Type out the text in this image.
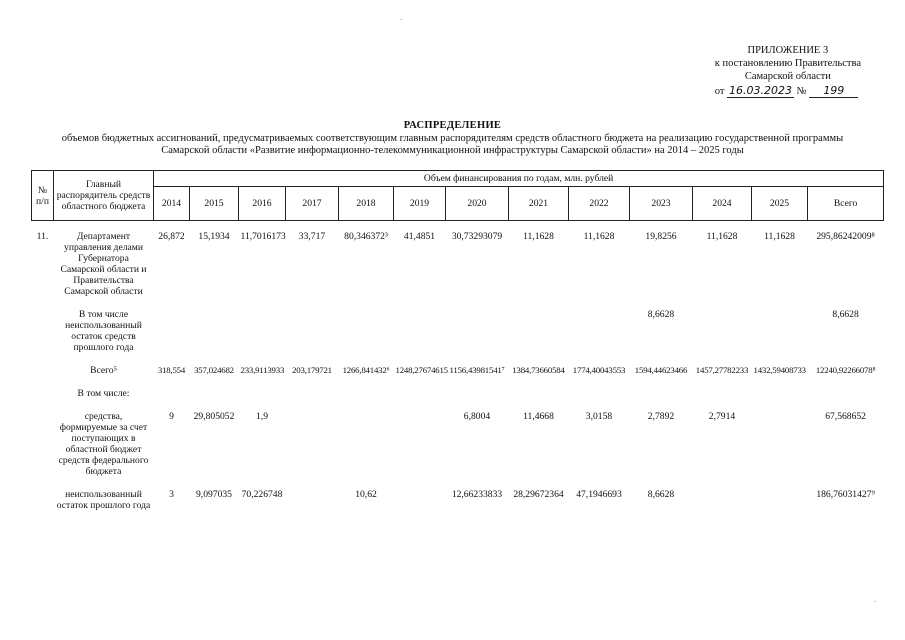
ПРИЛОЖЕНИЕ 3
к постановлению Правительства
Самарской области
от 16.03.2023 № 199
РАСПРЕДЕЛЕНИЕ
объемов бюджетных ассигнований, предусматриваемых соответствующим главным распорядителям средств областного бюджета на реализацию государственной программы
Самарской области «Развитие информационно-телекоммуникационной инфраструктуры Самарской области» на 2014 – 2025 годы
№ п/п	Главный распорядитель средств областного бюджета	Объем финансирования по годам, млн. рублей												
		2014	2015	2016	2017	2018	2019	2020	2021	2022	2023	2024	2025	Всего
11.	Департамент управления делами Губернатора Самарской области и Правительства Самарской области	26,872	15,1934	11,7016173	33,717	80,346372³	41,4851	30,73293079	11,1628	11,1628	19,8256	11,1628	11,1628	295,86242009⁸
	В том числе неиспользованный остаток средств прошлого года										8,6628			8,6628
	Всего⁵	318,554	357,024682	233,9113933	203,179721	1266,841432⁶	1248,27674615	1156,43981541⁷	1384,73660584	1774,40043553	1594,44623466	1457,27782233	1432,59408733	12240,92266078⁸
	В том числе:													
	средства, формируемые за счет поступающих в областной бюджет средств федерального бюджета	9	29,805052	1,9				6,8004	11,4668	3,0158	2,7892	2,7914		67,568652
	неиспользованный остаток прошлого года	3	9,097035	70,226748		10,62		12,66233833	28,29672364	47,1946693	8,6628			186,76031427⁹
·
·
